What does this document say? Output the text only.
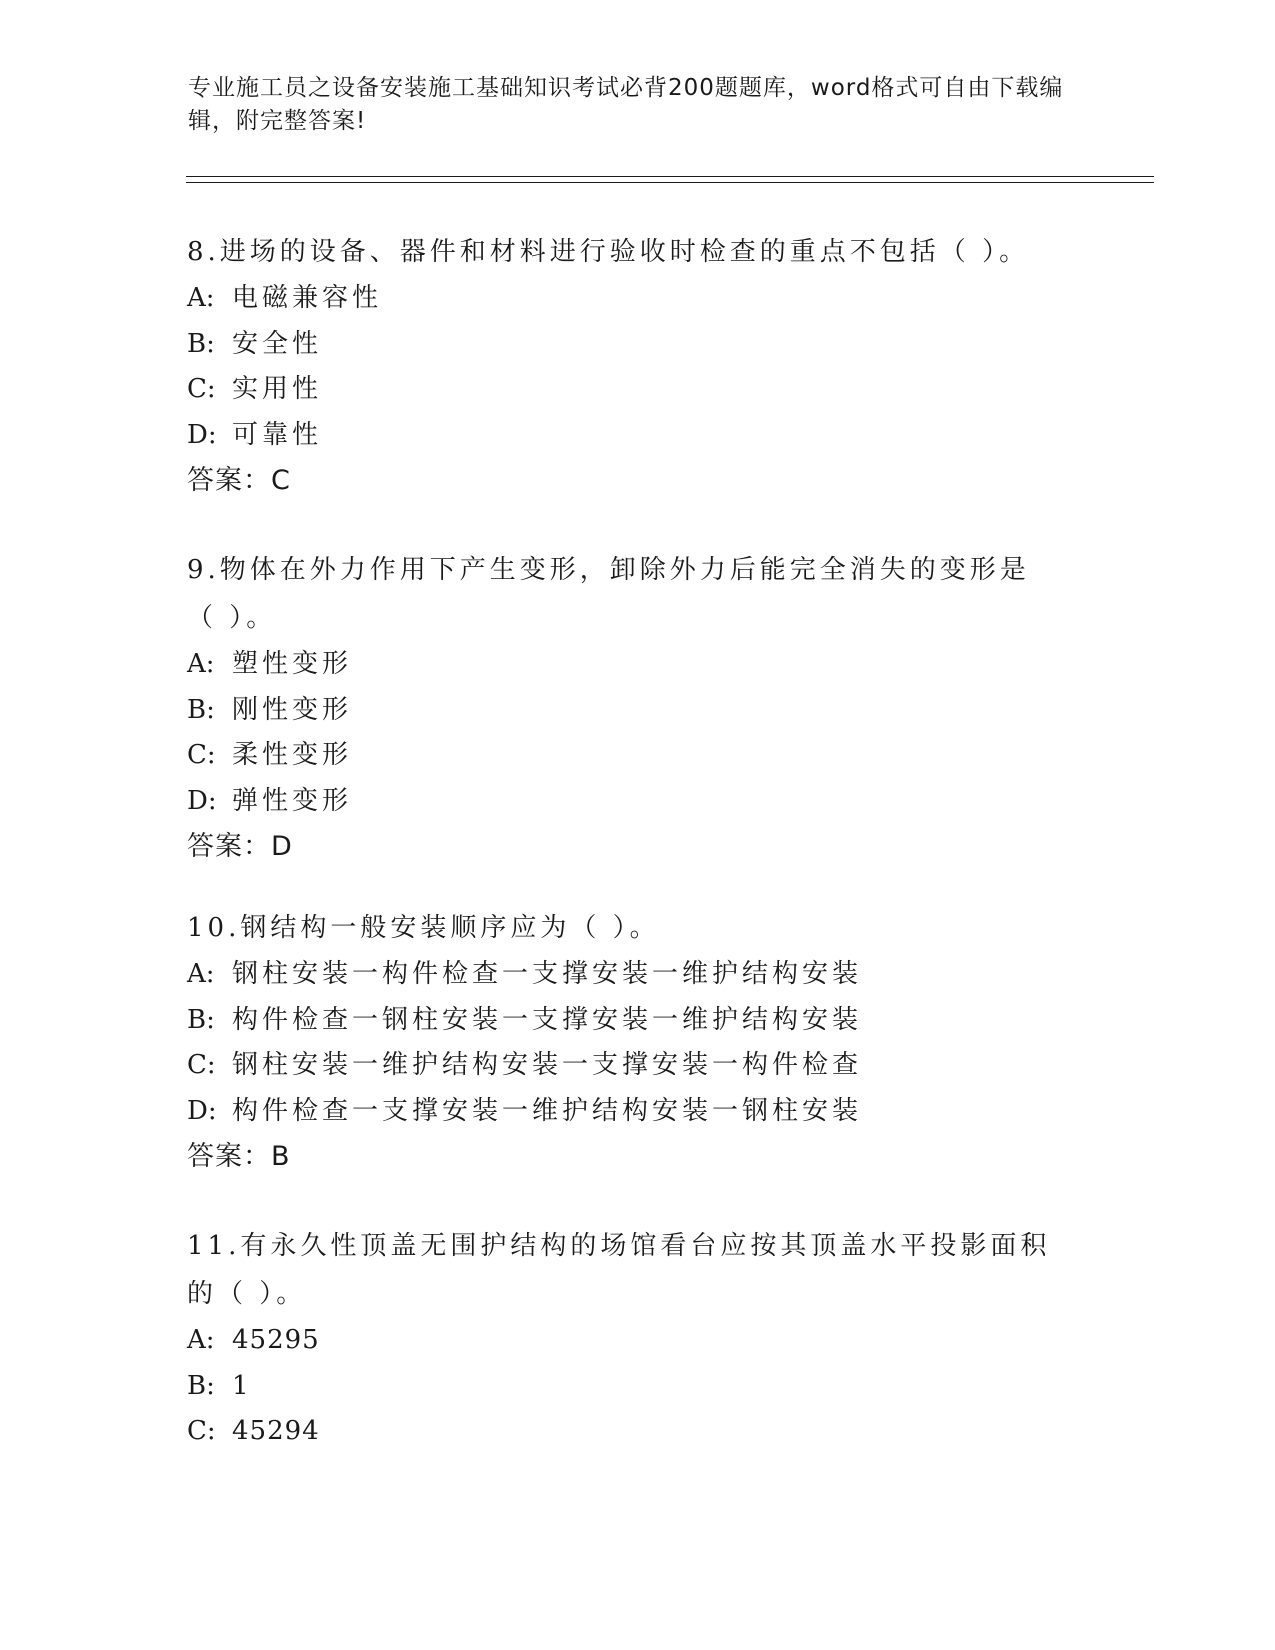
专业施工员之设备安装施工基础知识考试必背200题题库，word格式可自由下载编辑，附完整答案!

8.进场的设备、器件和材料进行验收时检查的重点不包括（ ）。

A: 电磁兼容性
B: 安全性
C: 实用性
D: 可靠性
答案：C

9.物体在外力作用下产生变形，卸除外力后能完全消失的变形是（ ）。

A: 塑性变形
B: 刚性变形
C: 柔性变形
D: 弹性变形
答案：D

10.钢结构一般安装顺序应为（ ）。

A: 钢柱安装一构件检查一支撑安装一维护结构安装
B: 构件检查一钢柱安装一支撑安装一维护结构安装
C: 钢柱安装一维护结构安装一支撑安装一构件检查
D: 构件检查一支撑安装一维护结构安装一钢柱安装
答案：B

11.有永久性顶盖无围护结构的场馆看台应按其顶盖水平投影面积的（ ）。

A: 45295
B: 1
C: 45294
